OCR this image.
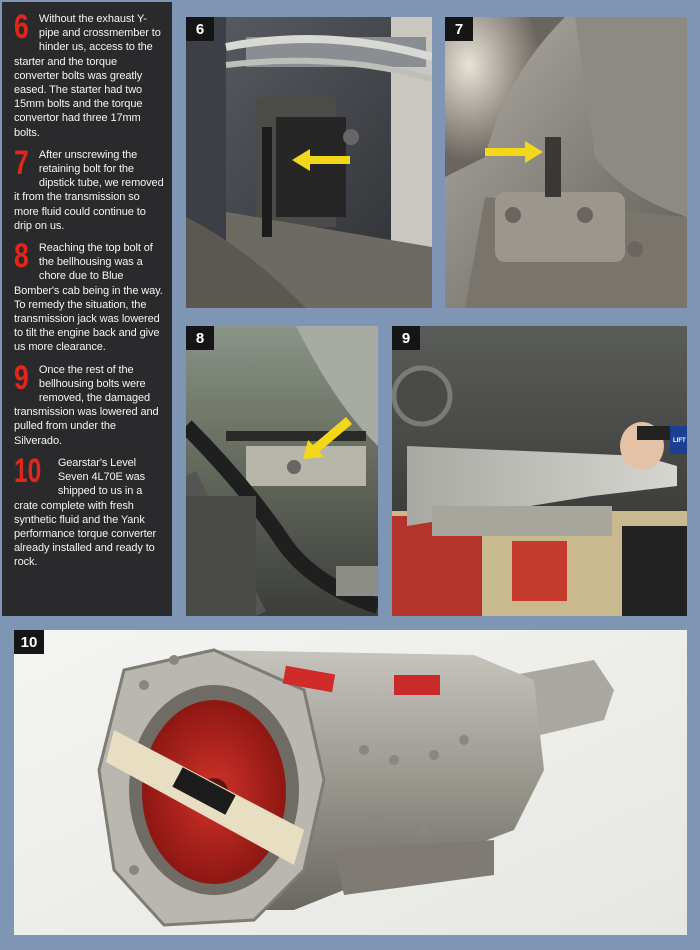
6 Without the exhaust Y-pipe and crossmember to hinder us, access to the starter and the torque converter bolts was greatly eased. The starter had two 15mm bolts and the torque convertor had three 17mm bolts.
7 After unscrewing the retaining bolt for the dipstick tube, we removed it from the transmission so more fluid could continue to drip on us.
8 Reaching the top bolt of the bellhousing was a chore due to Blue Bomber's cab being in the way. To remedy the situation, the transmission jack was lowered to tilt the engine back and give us more clearance.
9 Once the rest of the bellhousing bolts were removed, the damaged transmission was lowered and pulled from under the Silverado.
10	Gearstar's Level Seven 4L70E was shipped to us in a crate complete with fresh synthetic fluid and the Yank performance torque converter already installed and ready to rock.
6	7
8	9
LIFT
10
